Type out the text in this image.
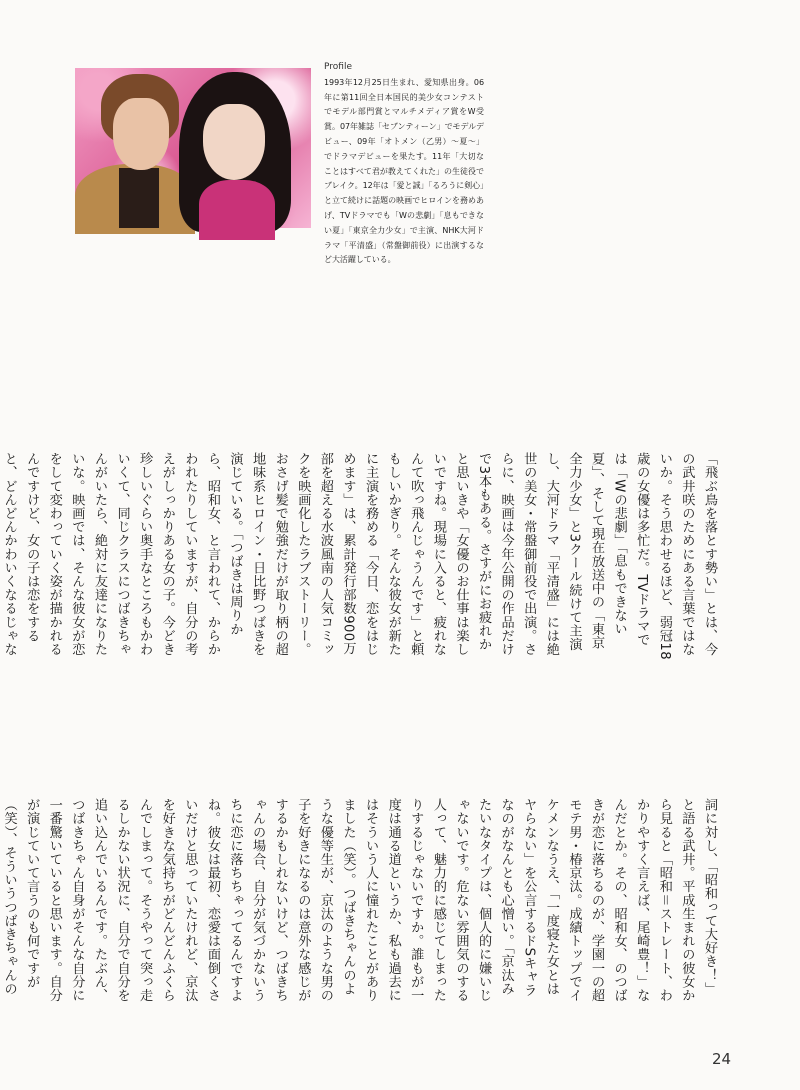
Profile
1993年12月25日生まれ、愛知県出身。06年に第11回全日本国民的美少女コンテストでモデル部門賞とマルチメディア賞をW受賞。07年雑誌「セブンティーン」でモデルデビュー、09年「オトメン（乙男）〜夏〜」でドラマデビューを果たす。11年「大切なことはすべて君が教えてくれた」の生徒役でブレイク。12年は「愛と誠」「るろうに剣心」と立て続けに話題の映画でヒロインを務めあげ、TVドラマでも「Wの悲劇」「息もできない夏」「東京全力少女」で主演、NHK大河ドラマ「平清盛」（常盤御前役）に出演するなど大活躍している。
「飛ぶ鳥を落とす勢い」とは、今の武井咲のためにある言葉ではないか。そう思わせるほど、弱冠18歳の女優は多忙だ。TVドラマでは「Wの悲劇」「息もできない夏」、そして現在放送中の「東京全力少女」と3クール続けて主演し、大河ドラマ「平清盛」には絶世の美女・常盤御前役で出演。さらに、映画は今年公開の作品だけで3本もある。さすがにお疲れかと思いきや「女優のお仕事は楽しいですね。現場に入ると、疲れなんて吹っ飛んじゃうんです」と頼もしいかぎり。そんな彼女が新たに主演を務める「今日、恋をはじめます」は、累計発行部数900万部を超える水波風南の人気コミックを映画化したラブストーリー。おさげ髪で勉強だけが取り柄の超地味系ヒロイン・日比野つばきを演じている。「つばきは周りから、昭和女、と言われて、からかわれたりしていますが、自分の考えがしっかりある女の子。今どき珍しいぐらい奥手なところもかわいくて、同じクラスにつばきちゃんがいたら、絶対に友達になりたいな。映画では、そんな彼女が恋をして変わっていく姿が描かれるんですけど、女の子は恋をすると、どんどんかわいくなるじゃな
詞に対し、「昭和って大好き！」と語る武井。平成生まれの彼女から見ると「昭和＝ストレート、わかりやすく言えば、尾崎豊！」なんだとか。その、昭和女、のつばきが恋に落ちるのが、学園一の超モテ男・椿京汰。成績トップでイケメンなうえ、「一度寝た女とはヤらない」を公言するドSキャラなのがなんとも心憎い。「京汰みたいなタイプは、個人的に嫌いじゃないです。危ない雰囲気のする人って、魅力的に感じてしまったりするじゃないですか。誰もが一度は通る道というか、私も過去にはそういう人に憧れたことがありました（笑）。つばきちゃんのような優等生が、京汰のような男の子を好きになるのは意外な感じがするかもしれないけど、つばきちゃんの場合、自分が気づかないうちに恋に落ちちゃってるんですよね。彼女は最初、恋愛は面倒くさいだけと思っていたけれど、京汰を好きな気持ちがどんどんふくらんでしまって。そうやって突っ走るしかない状況に、自分で自分を追い込んでいるんです。たぶん、つばきちゃん自身がそんな自分に一番驚いていると思います。自分が演じていて言うのも何ですが（笑）、そういうつばきちゃんの
24
